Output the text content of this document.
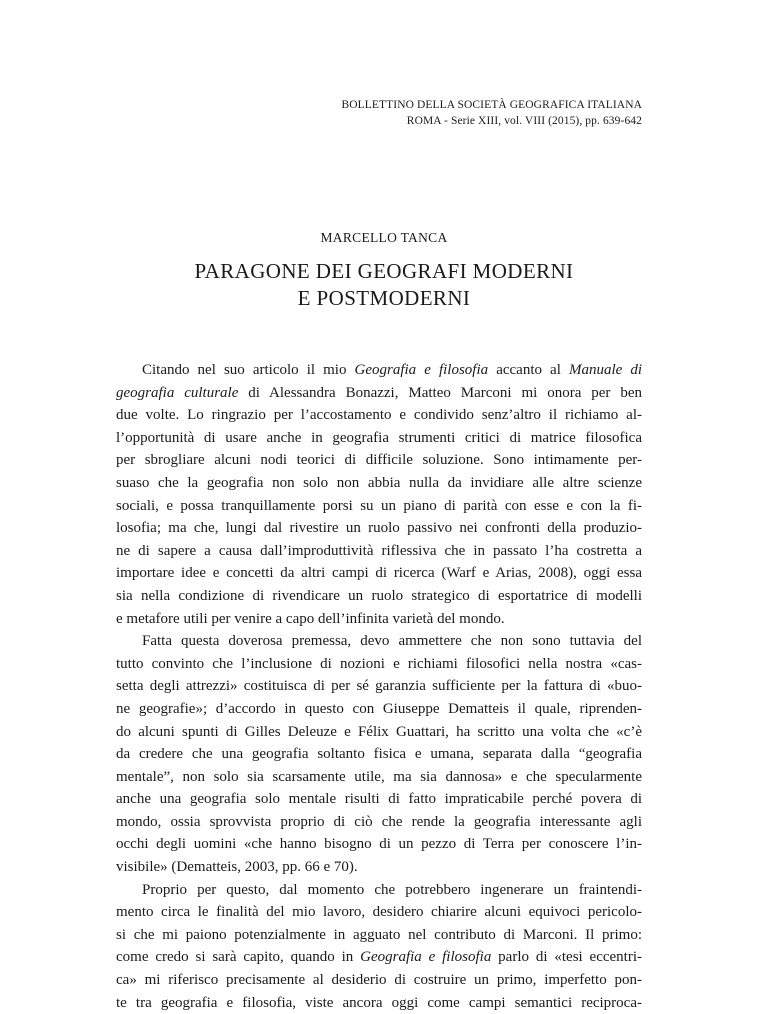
BOLLETTINO DELLA SOCIETÀ GEOGRAFICA ITALIANA
ROMA - Serie XIII, vol. VIII (2015), pp. 639-642
MARCELLO TANCA
PARAGONE DEI GEOGRAFI MODERNI
E POSTMODERNI
Citando nel suo articolo il mio Geografia e filosofia accanto al Manuale di
geografia culturale di Alessandra Bonazzi, Matteo Marconi mi onora per ben
due volte. Lo ringrazio per l’accostamento e condivido senz’altro il richiamo al-
l’opportunità di usare anche in geografia strumenti critici di matrice filosofica
per sbrogliare alcuni nodi teorici di difficile soluzione. Sono intimamente per-
suaso che la geografia non solo non abbia nulla da invidiare alle altre scienze
sociali, e possa tranquillamente porsi su un piano di parità con esse e con la fi-
losofia; ma che, lungi dal rivestire un ruolo passivo nei confronti della produzio-
ne di sapere a causa dall’improduttività riflessiva che in passato l’ha costretta a
importare idee e concetti da altri campi di ricerca (Warf e Arias, 2008), oggi essa
sia nella condizione di rivendicare un ruolo strategico di esportatrice di modelli
e metafore utili per venire a capo dell’infinita varietà del mondo.
Fatta questa doverosa premessa, devo ammettere che non sono tuttavia del
tutto convinto che l’inclusione di nozioni e richiami filosofici nella nostra «cas-
setta degli attrezzi» costituisca di per sé garanzia sufficiente per la fattura di «buo-
ne geografie»; d’accordo in questo con Giuseppe Dematteis il quale, riprenden-
do alcuni spunti di Gilles Deleuze e Félix Guattari, ha scritto una volta che «c’è
da credere che una geografia soltanto fisica e umana, separata dalla “geografia
mentale”, non solo sia scarsamente utile, ma sia dannosa» e che specularmente
anche una geografia solo mentale risulti di fatto impraticabile perché povera di
mondo, ossia sprovvista proprio di ciò che rende la geografia interessante agli
occhi degli uomini «che hanno bisogno di un pezzo di Terra per conoscere l’in-
visibile» (Dematteis, 2003, pp. 66 e 70).
Proprio per questo, dal momento che potrebbero ingenerare un fraintendi-
mento circa le finalità del mio lavoro, desidero chiarire alcuni equivoci pericolo-
si che mi paiono potenzialmente in agguato nel contributo di Marconi. Il primo:
come credo si sarà capito, quando in Geografia e filosofia parlo di «tesi eccentri-
ca» mi riferisco precisamente al desiderio di costruire un primo, imperfetto pon-
te tra geografia e filosofia, viste ancora oggi come campi semantici reciproca-
